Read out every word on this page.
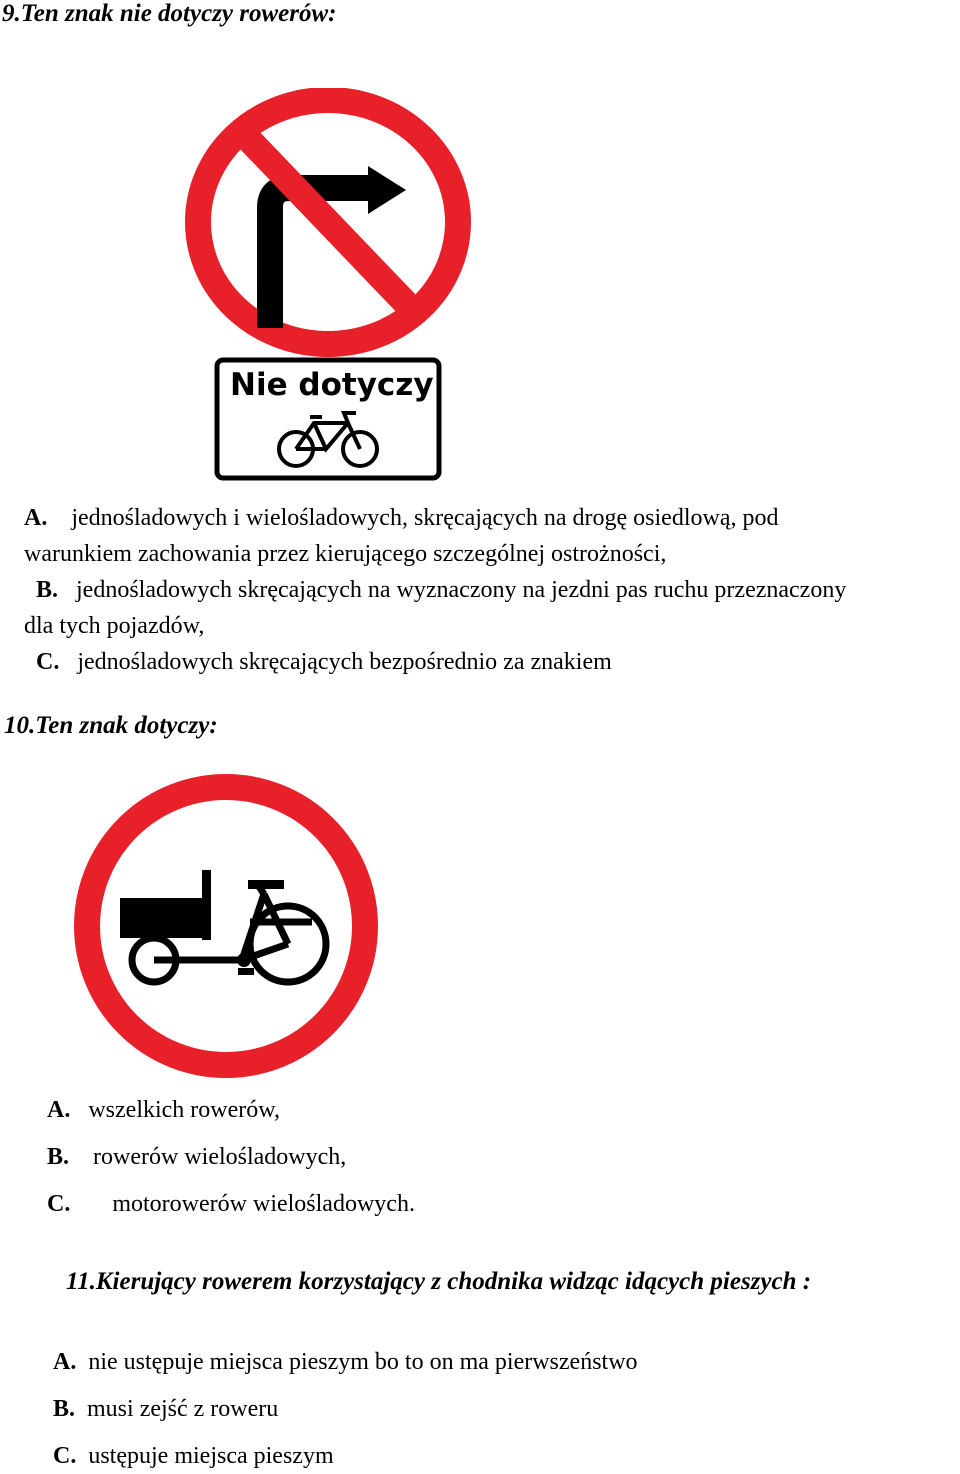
9.Ten znak nie dotyczy rowerów:
Nie dotyczy
A. jednośladowych i wielośladowych, skręcających na drogę osiedlową, pod
warunkiem zachowania przez kierującego szczególnej ostrożności,
B. jednośladowych skręcających na wyznaczony na jezdni pas ruchu przeznaczony
dla tych pojazdów,
C. jednośladowych skręcających bezpośrednio za znakiem
10.Ten znak dotyczy:
A. wszelkich rowerów,
B. rowerów wielośladowych,
C. motorowerów wielośladowych.
11.Kierujący rowerem korzystający z chodnika widząc idących pieszych :
A. nie ustępuje miejsca pieszym bo to on ma pierwszeństwo
B. musi zejść z roweru
C. ustępuje miejsca pieszym
